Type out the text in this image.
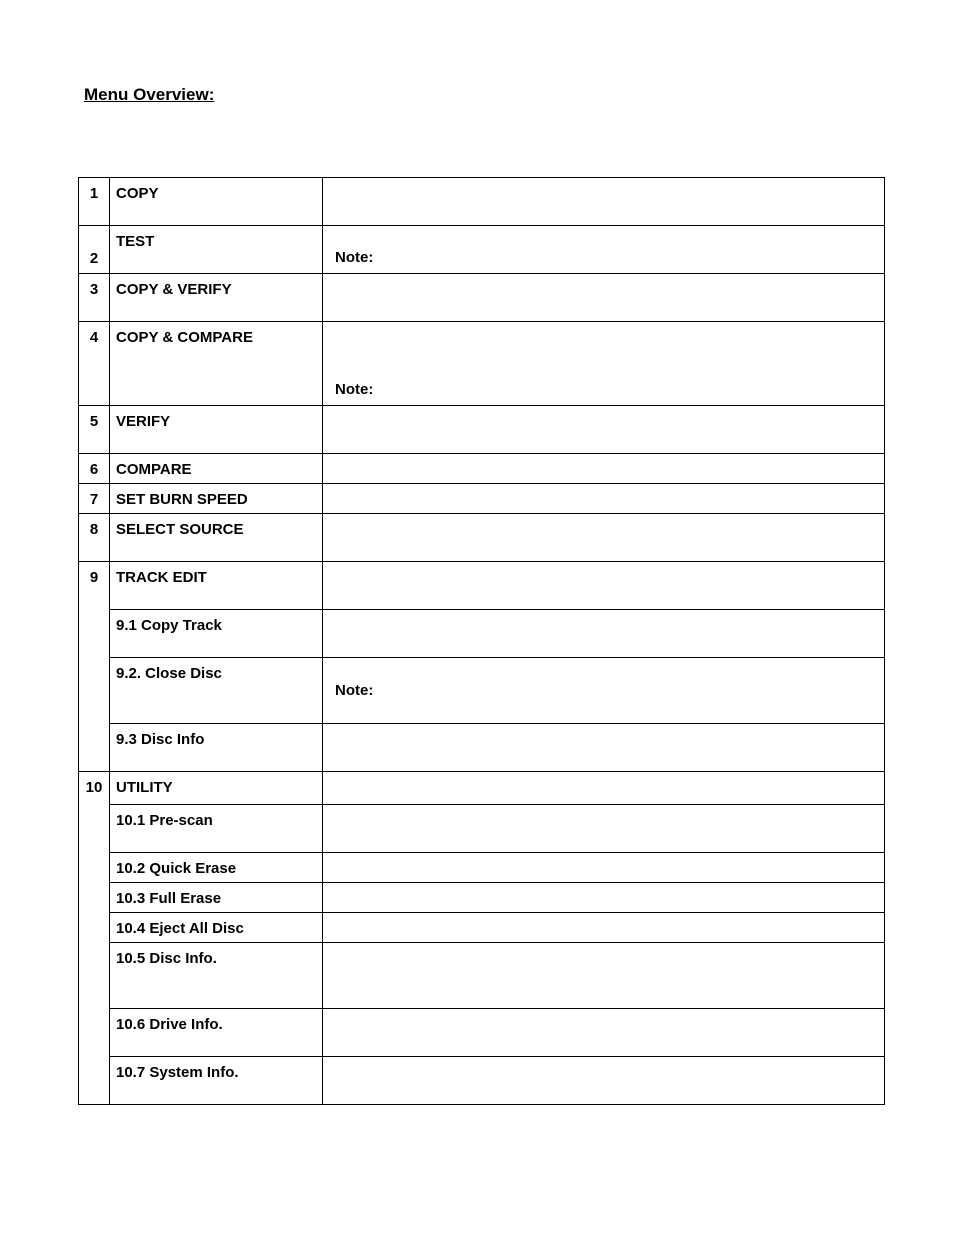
Menu Overview:
1	COPY	

2	TEST	Note:

3	COPY & VERIFY	

4	COPY & COMPARE	Note:

5	VERIFY	

6	COMPARE	

7	SET BURN SPEED	

8	SELECT SOURCE	

9	TRACK EDIT	

	9.1 Copy Track	

	9.2. Close Disc	Note:

	9.3 Disc Info	

10	UTILITY	

	10.1 Pre-scan	

	10.2 Quick Erase	

	10.3 Full Erase	

	10.4 Eject All Disc	

	10.5 Disc Info.	

	10.6 Drive Info.	

	10.7 System Info.	
